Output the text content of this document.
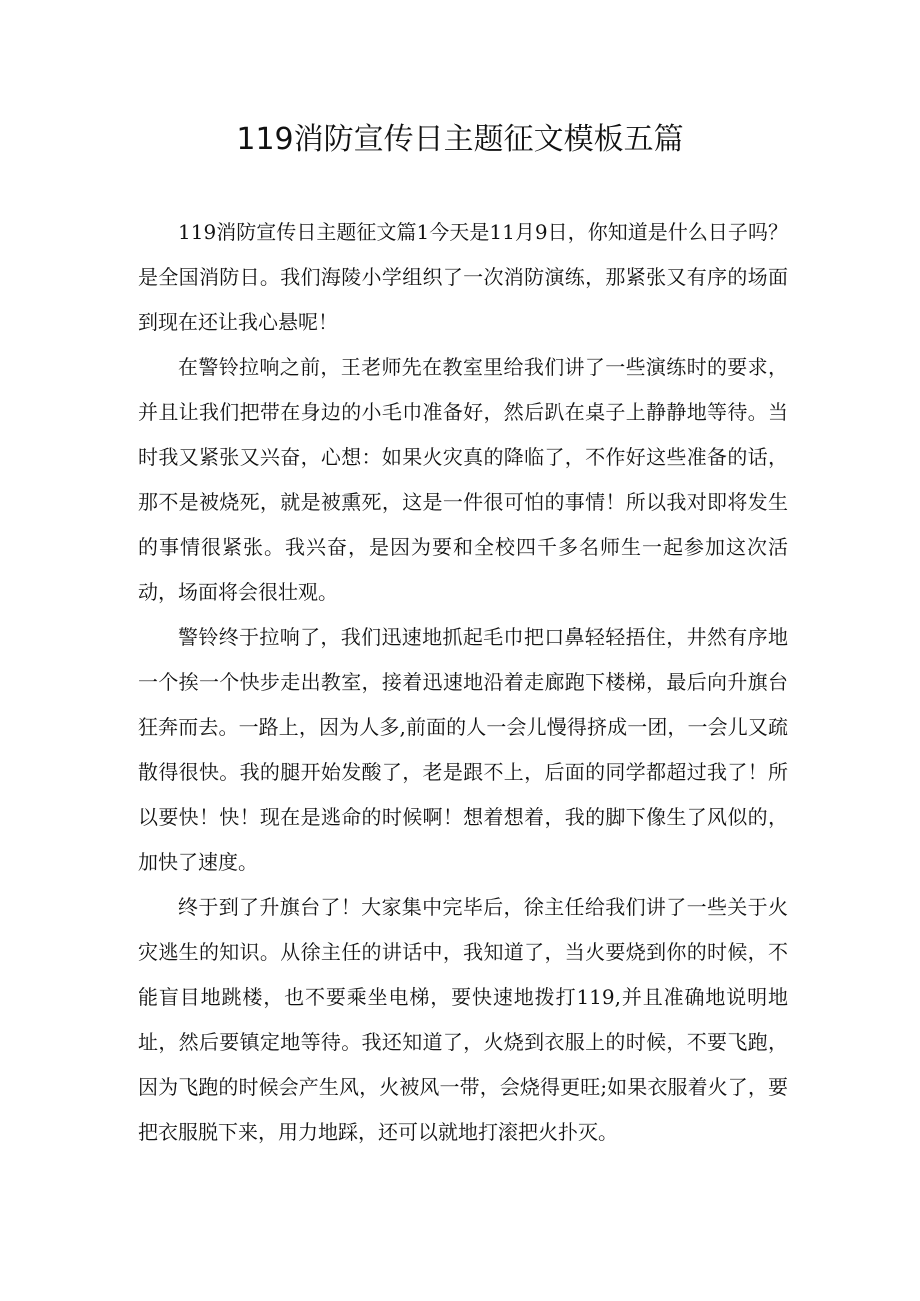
119消防宣传日主题征文模板五篇

119消防宣传日主题征文篇1今天是11月9日，你知道是什么日子吗？是全国消防日。我们海陵小学组织了一次消防演练，那紧张又有序的场面到现在还让我心悬呢！

在警铃拉响之前，王老师先在教室里给我们讲了一些演练时的要求，并且让我们把带在身边的小毛巾准备好，然后趴在桌子上静静地等待。当时我又紧张又兴奋，心想：如果火灾真的降临了，不作好这些准备的话，那不是被烧死，就是被熏死，这是一件很可怕的事情！所以我对即将发生的事情很紧张。我兴奋，是因为要和全校四千多名师生一起参加这次活动，场面将会很壮观。

警铃终于拉响了，我们迅速地抓起毛巾把口鼻轻轻捂住，井然有序地一个挨一个快步走出教室，接着迅速地沿着走廊跑下楼梯，最后向升旗台狂奔而去。一路上，因为人多,前面的人一会儿慢得挤成一团，一会儿又疏散得很快。我的腿开始发酸了，老是跟不上，后面的同学都超过我了！所以要快！快！现在是逃命的时候啊！想着想着，我的脚下像生了风似的，加快了速度。

终于到了升旗台了！大家集中完毕后，徐主任给我们讲了一些关于火灾逃生的知识。从徐主任的讲话中，我知道了，当火要烧到你的时候，不能盲目地跳楼，也不要乘坐电梯，要快速地拨打119,并且准确地说明地址，然后要镇定地等待。我还知道了，火烧到衣服上的时候，不要飞跑，因为飞跑的时候会产生风，火被风一带，会烧得更旺;如果衣服着火了，要把衣服脱下来，用力地踩，还可以就地打滚把火扑灭。
